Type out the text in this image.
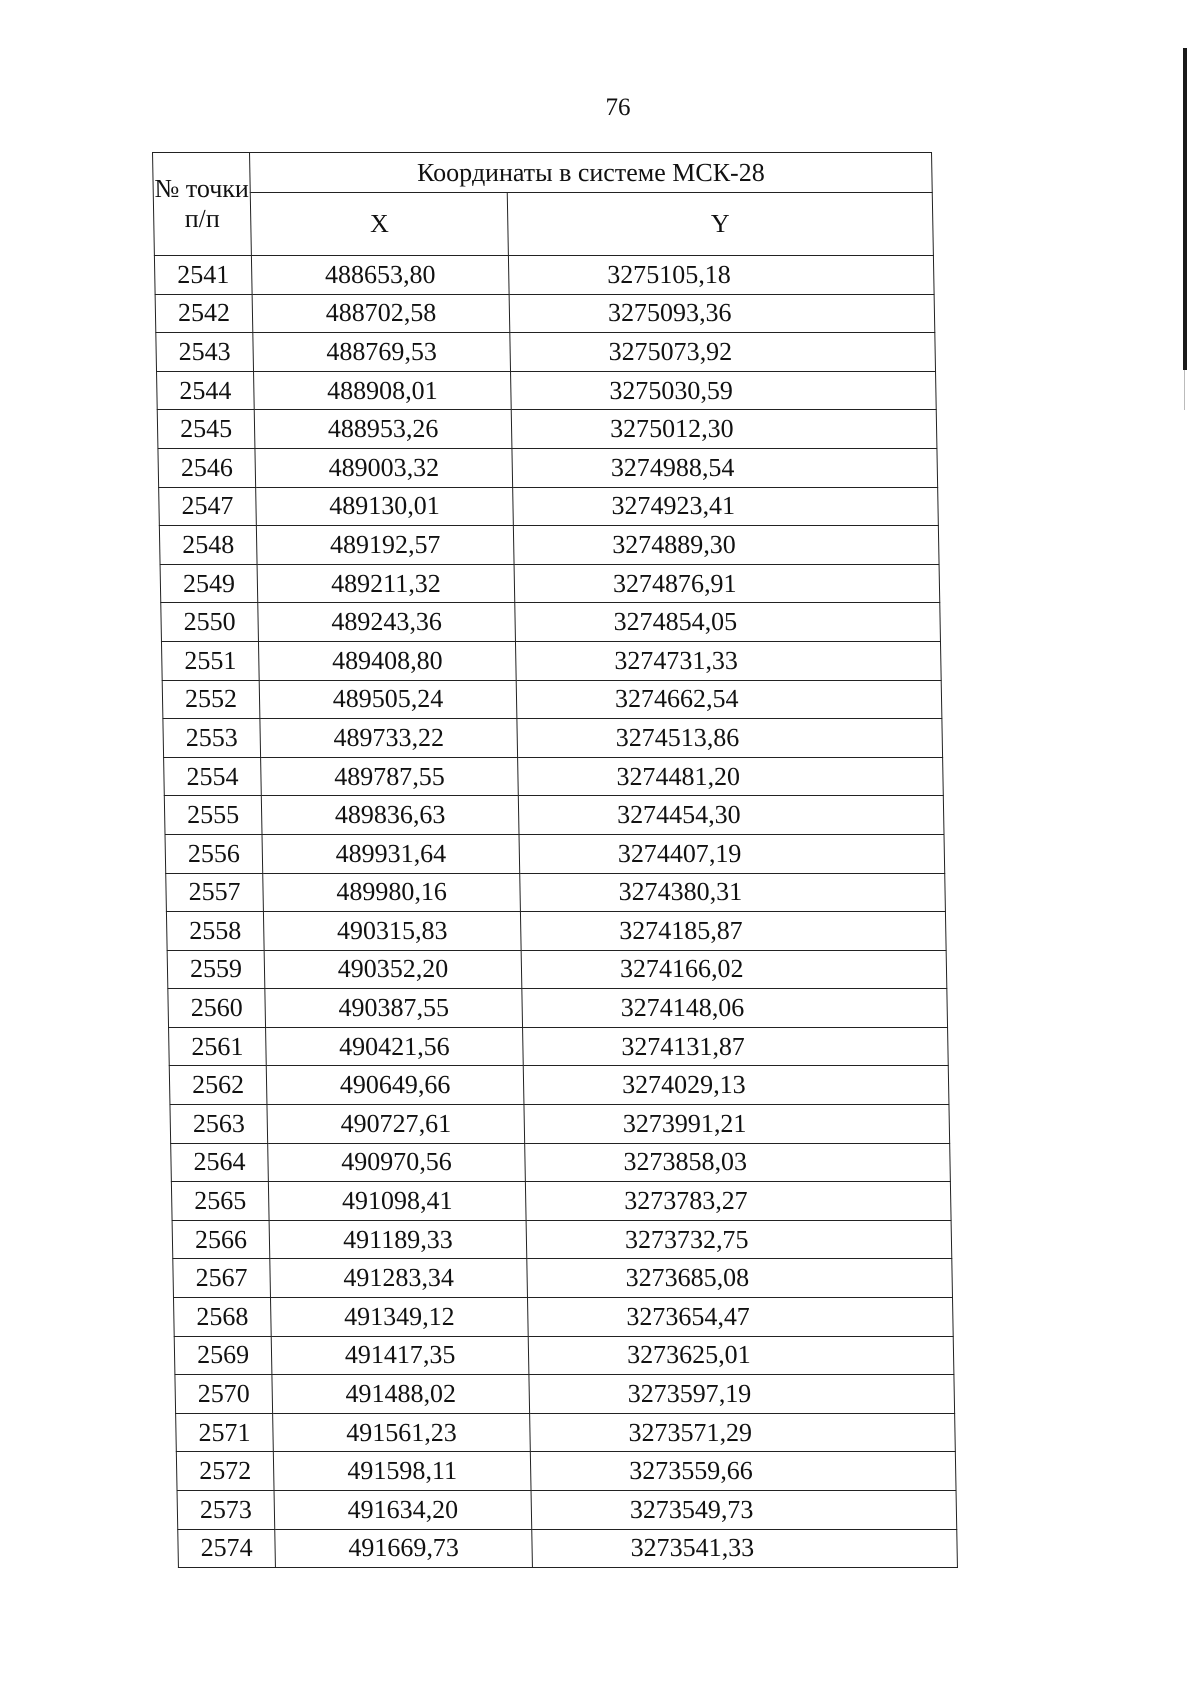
76
№ точки п/п	Координаты в системе МСК-28	
	X	Y
2541	488653,80	3275105,18
2542	488702,58	3275093,36
2543	488769,53	3275073,92
2544	488908,01	3275030,59
2545	488953,26	3275012,30
2546	489003,32	3274988,54
2547	489130,01	3274923,41
2548	489192,57	3274889,30
2549	489211,32	3274876,91
2550	489243,36	3274854,05
2551	489408,80	3274731,33
2552	489505,24	3274662,54
2553	489733,22	3274513,86
2554	489787,55	3274481,20
2555	489836,63	3274454,30
2556	489931,64	3274407,19
2557	489980,16	3274380,31
2558	490315,83	3274185,87
2559	490352,20	3274166,02
2560	490387,55	3274148,06
2561	490421,56	3274131,87
2562	490649,66	3274029,13
2563	490727,61	3273991,21
2564	490970,56	3273858,03
2565	491098,41	3273783,27
2566	491189,33	3273732,75
2567	491283,34	3273685,08
2568	491349,12	3273654,47
2569	491417,35	3273625,01
2570	491488,02	3273597,19
2571	491561,23	3273571,29
2572	491598,11	3273559,66
2573	491634,20	3273549,73
2574	491669,73	3273541,33
